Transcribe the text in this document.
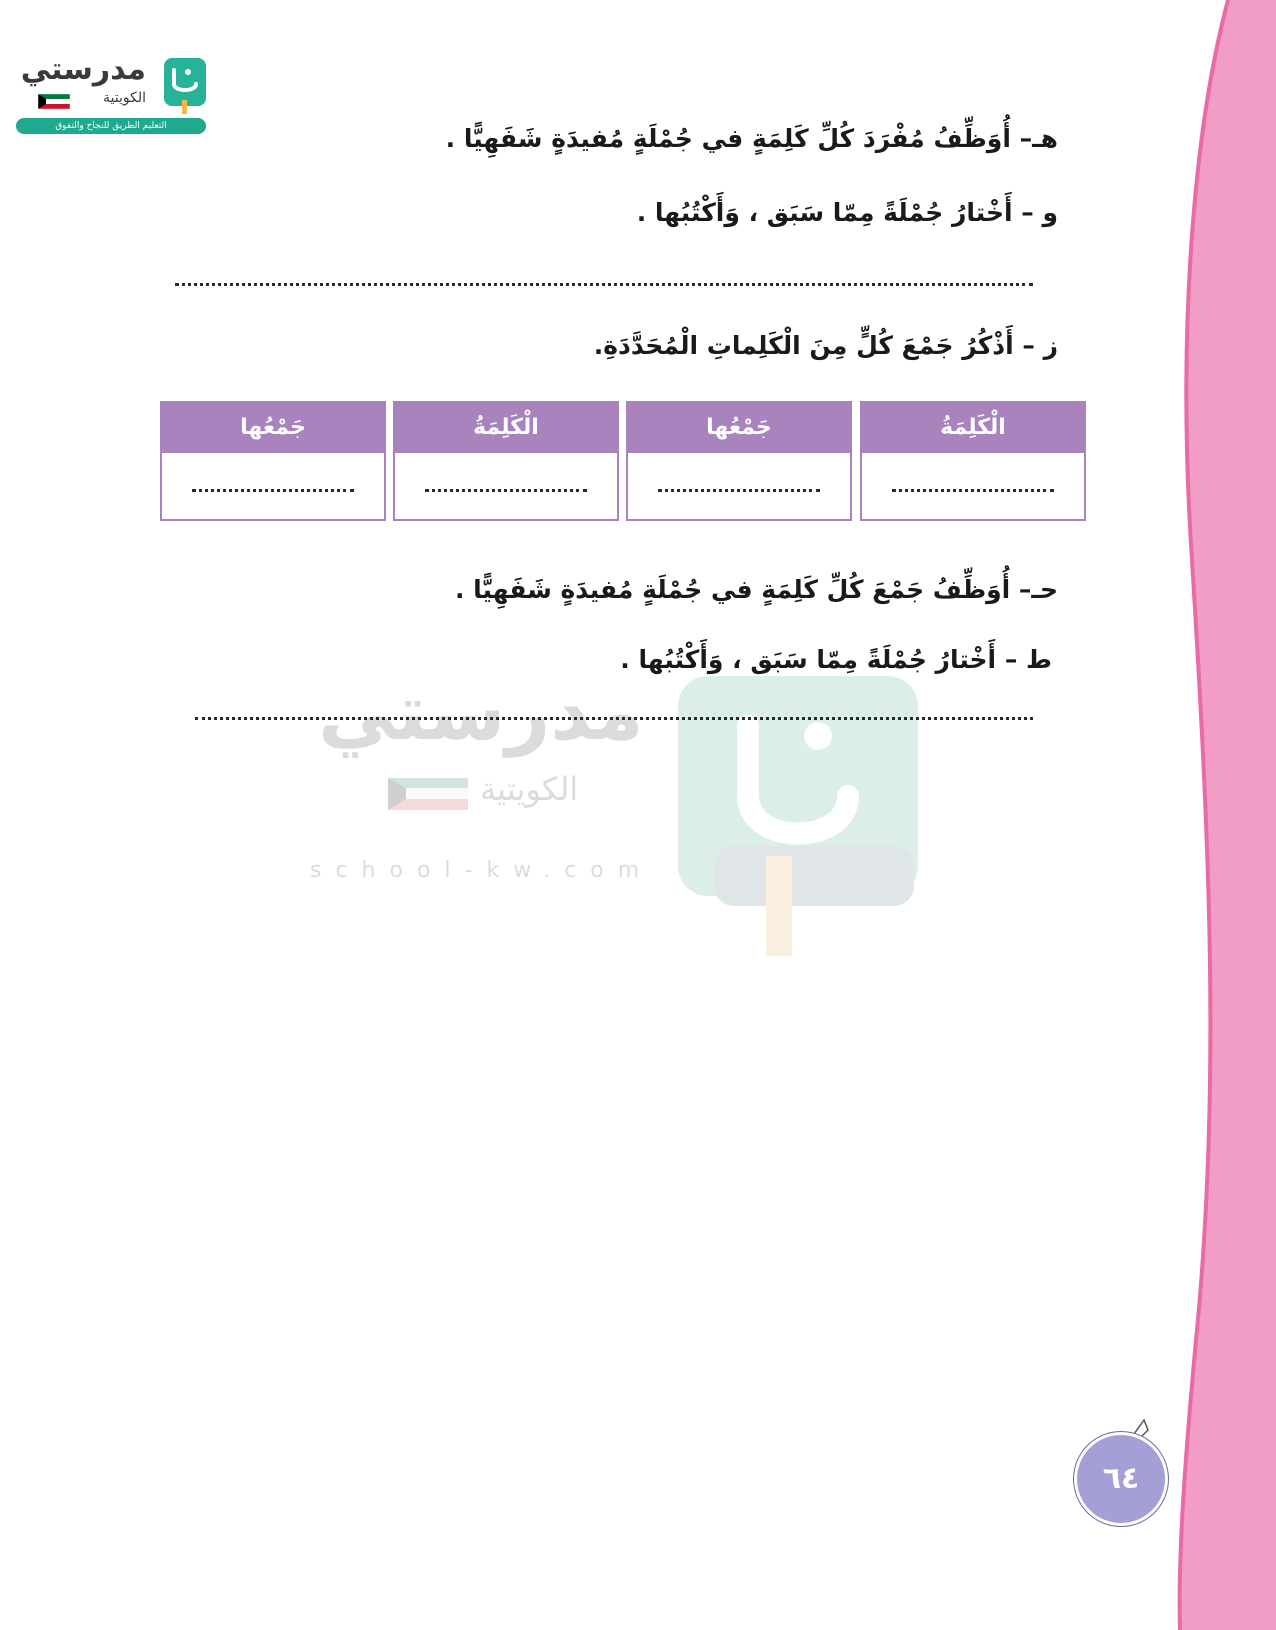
مدرستي
الكويتية
التعليم الطريق للنجاح والتفوق
مدرستي
الكويتية
school-kw.com
هـ– أُوَظِّفُ مُفْرَدَ كُلِّ كَلِمَةٍ في جُمْلَةٍ مُفيدَةٍ شَفَهِيًّا .
و – أَخْتارُ جُمْلَةً مِمّا سَبَق ، وَأَكْتُبُها .
ز – أَذْكُرُ جَمْعَ كُلٍّ مِنَ الْكَلِماتِ الْمُحَدَّدَةِ.
الْكَلِمَةُ
جَمْعُها
الْكَلِمَةُ
جَمْعُها
حـ– أُوَظِّفُ جَمْعَ كُلِّ كَلِمَةٍ في جُمْلَةٍ مُفيدَةٍ شَفَهِيًّا .
ط – أَخْتارُ جُمْلَةً مِمّا سَبَق ، وَأَكْتُبُها .
٦٤
